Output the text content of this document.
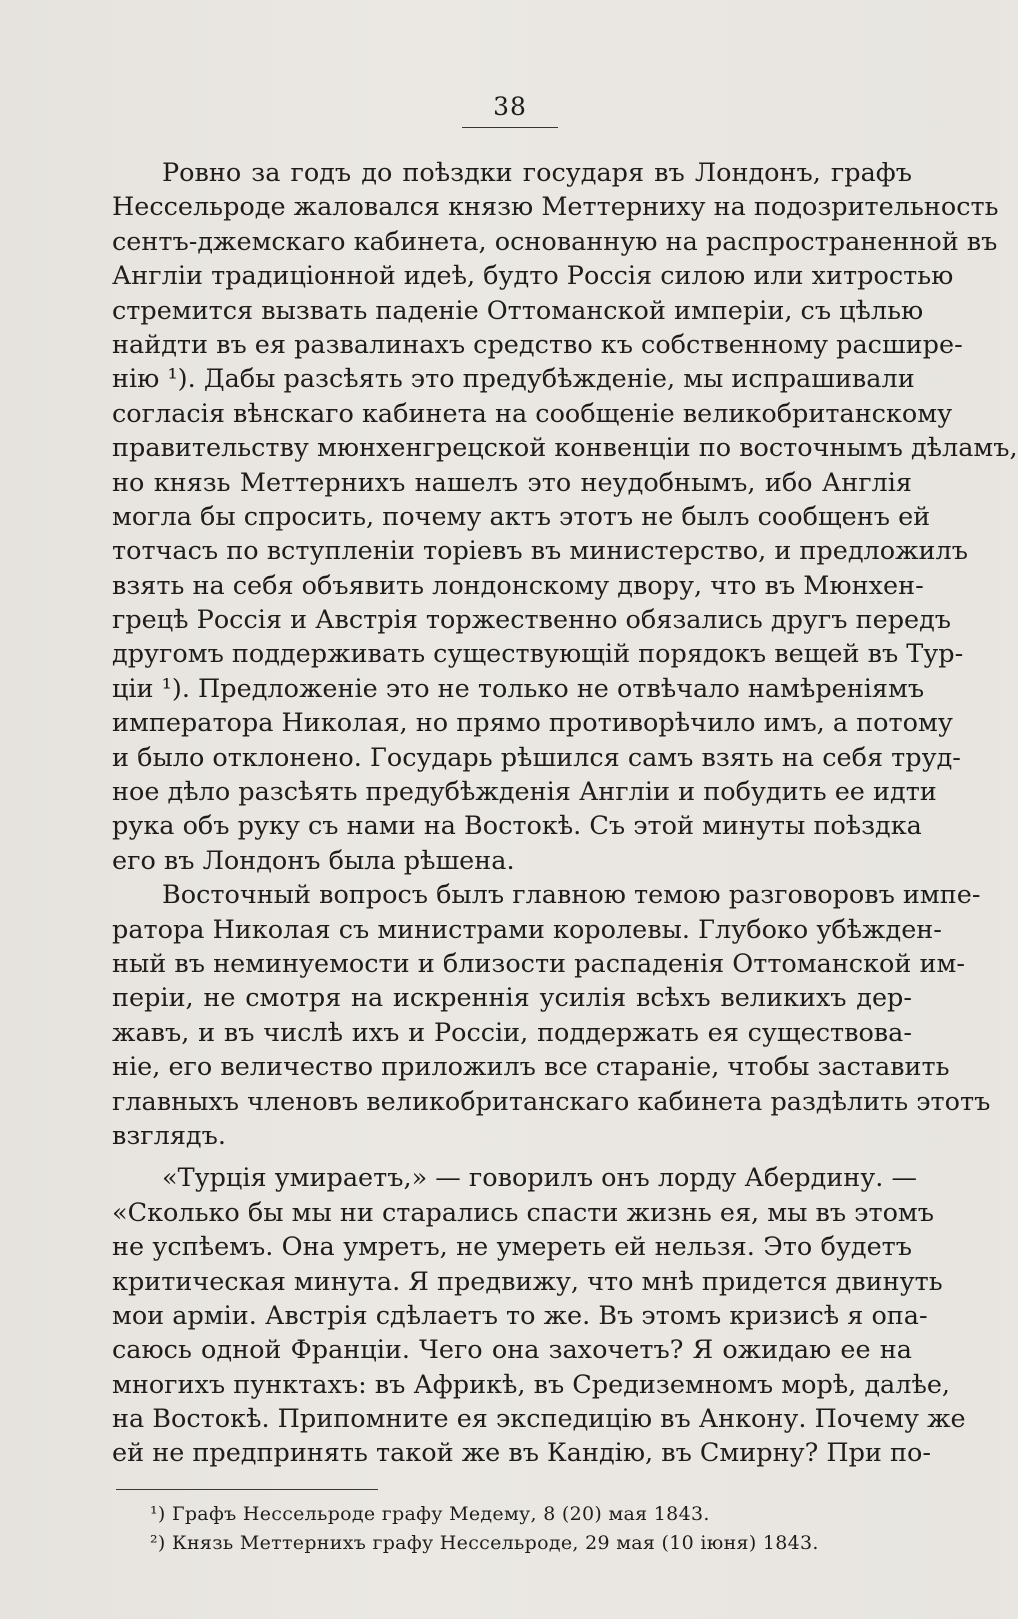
38
Ровно за годъ до поѣздки государя въ Лондонъ, графъ
Нессельроде жаловался князю Меттерниху на подозрительность
сентъ-джемскаго кабинета, основанную на распространенной въ
Англіи традиціонной идеѣ, будто Россія силою или хитростью
стремится вызвать паденіе Оттоманской имперіи, съ цѣлью
найдти въ ея развалинахъ средство къ собственному расшире-
нію ¹). Дабы разсѣять это предубѣжденіе, мы испрашивали
согласія вѣнскаго кабинета на сообщеніе великобританскому
правительству мюнхенгрецской конвенціи по восточнымъ дѣламъ,
но князь Меттернихъ нашелъ это неудобнымъ, ибо Англія
могла бы спросить, почему актъ этотъ не былъ сообщенъ ей
тотчасъ по вступленіи торіевъ въ министерство, и предложилъ
взять на себя объявить лондонскому двору, что въ Мюнхен-
грецѣ Россія и Австрія торжественно обязались другъ передъ
другомъ поддерживать существующій порядокъ вещей въ Тур-
ціи ¹). Предложеніе это не только не отвѣчало намѣреніямъ
императора Николая, но прямо противорѣчило имъ, а потому
и было отклонено. Государь рѣшился самъ взять на себя труд-
ное дѣло разсѣять предубѣжденія Англіи и побудить ее идти
рука объ руку съ нами на Востокѣ. Съ этой минуты поѣздка
его въ Лондонъ была рѣшена.
Восточный вопросъ былъ главною темою разговоровъ импе-
ратора Николая съ министрами королевы. Глубоко убѣжден-
ный въ неминуемости и близости распаденія Оттоманской им-
періи, не смотря на искреннія усилія всѣхъ великихъ дер-
жавъ, и въ числѣ ихъ и Россіи, поддержать ея существова-
ніе, его величество приложилъ все стараніе, чтобы заставить
главныхъ членовъ великобританскаго кабинета раздѣлить этотъ
взглядъ.
«Турція умираетъ,» — говорилъ онъ лорду Абердину. —
«Сколько бы мы ни старались спасти жизнь ея, мы въ этомъ
не успѣемъ. Она умретъ, не умереть ей нельзя. Это будетъ
критическая минута. Я предвижу, что мнѣ придется двинуть
мои арміи. Австрія сдѣлаетъ то же. Въ этомъ кризисѣ я опа-
саюсь одной Франціи. Чего она захочетъ? Я ожидаю ее на
многихъ пунктахъ: въ Африкѣ, въ Средиземномъ морѣ, далѣе,
на Востокѣ. Припомните ея экспедицію въ Анкону. Почему же
ей не предпринять такой же въ Кандію, въ Смирну? При по-
¹) Графъ Нессельроде графу Медему, 8 (20) мая 1843.
²) Князь Меттернихъ графу Нессельроде, 29 мая (10 іюня) 1843.
